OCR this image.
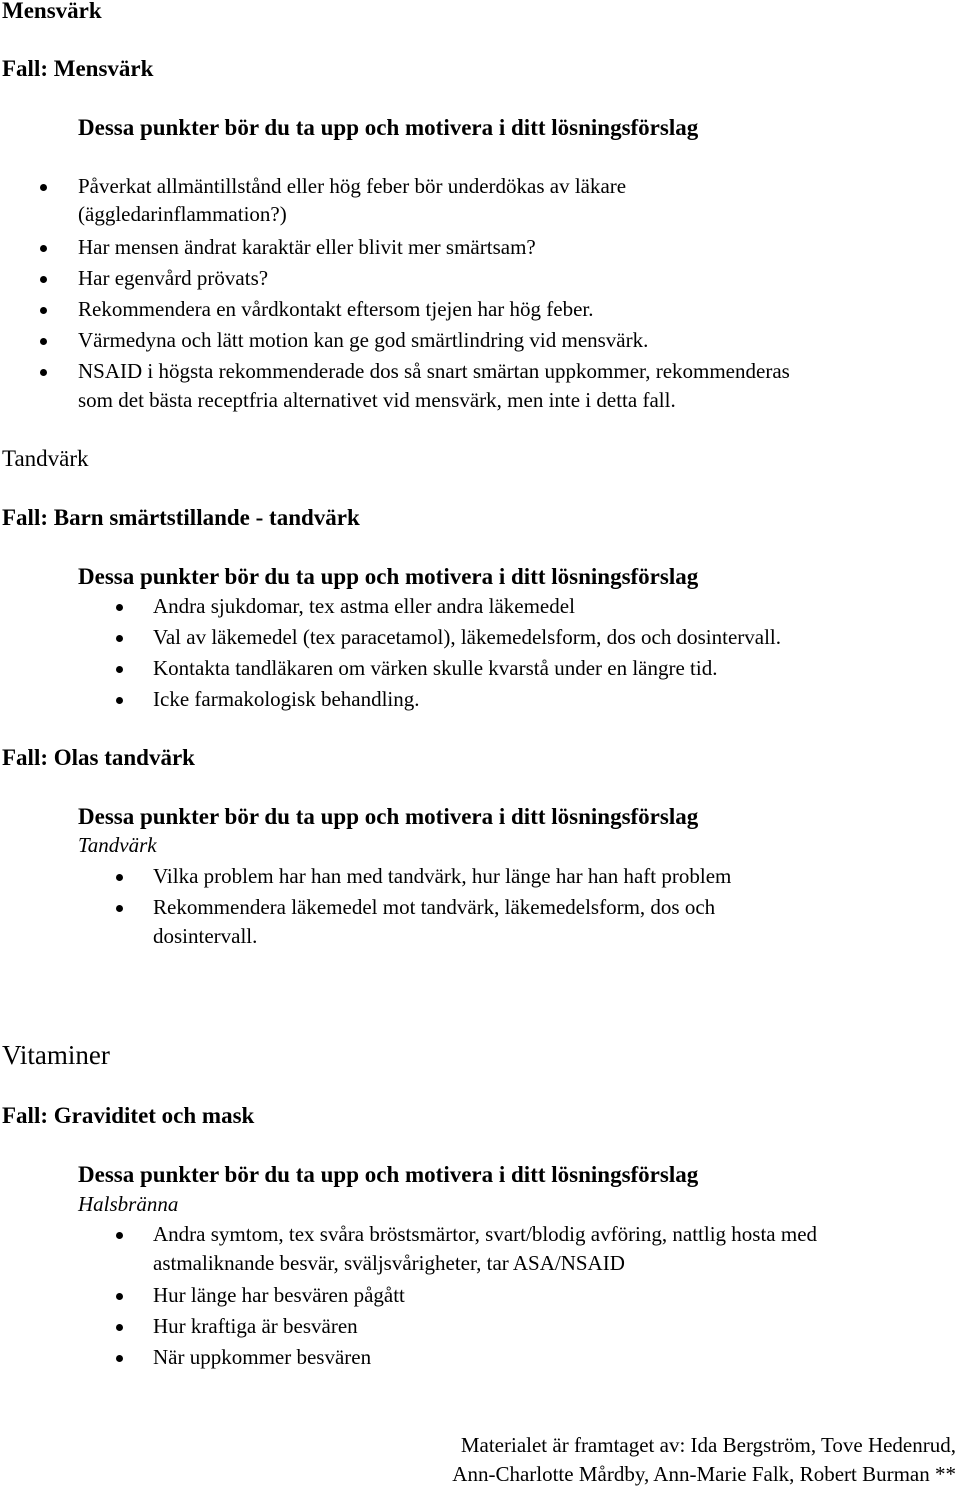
Mensvärk
Fall: Mensvärk
Dessa punkter bör du ta upp och motivera i ditt lösningsförslag
Påverkat allmäntillstånd eller hög feber bör underdökas av läkare
(äggledarinflammation?)
Har mensen ändrat karaktär eller blivit mer smärtsam?
Har egenvård prövats?
Rekommendera en vårdkontakt eftersom tjejen har hög feber.
Värmedyna och lätt motion kan ge god smärtlindring vid mensvärk.
NSAID i högsta rekommenderade dos så snart smärtan uppkommer, rekommenderas
som det bästa receptfria alternativet vid mensvärk, men inte i detta fall.
Tandvärk
Fall: Barn smärtstillande - tandvärk
Dessa punkter bör du ta upp och motivera i ditt lösningsförslag
Andra sjukdomar, tex astma eller andra läkemedel
Val av läkemedel (tex paracetamol), läkemedelsform, dos och dosintervall.
Kontakta tandläkaren om värken skulle kvarstå under en längre tid.
Icke farmakologisk behandling.
Fall: Olas tandvärk
Dessa punkter bör du ta upp och motivera i ditt lösningsförslag
Tandvärk
Vilka problem har han med tandvärk, hur länge har han haft problem
Rekommendera läkemedel mot tandvärk, läkemedelsform, dos och
dosintervall.
Vitaminer
Fall: Graviditet och mask
Dessa punkter bör du ta upp och motivera i ditt lösningsförslag
Halsbränna
Andra symtom, tex svåra bröstsmärtor, svart/blodig avföring, nattlig hosta med
astmaliknande besvär, sväljsvårigheter, tar ASA/NSAID
Hur länge har besvären pågått
Hur kraftiga är besvären
När uppkommer besvären
Materialet är framtaget av: Ida Bergström, Tove Hedenrud,
Ann-Charlotte Mårdby, Ann-Marie Falk, Robert Burman **
